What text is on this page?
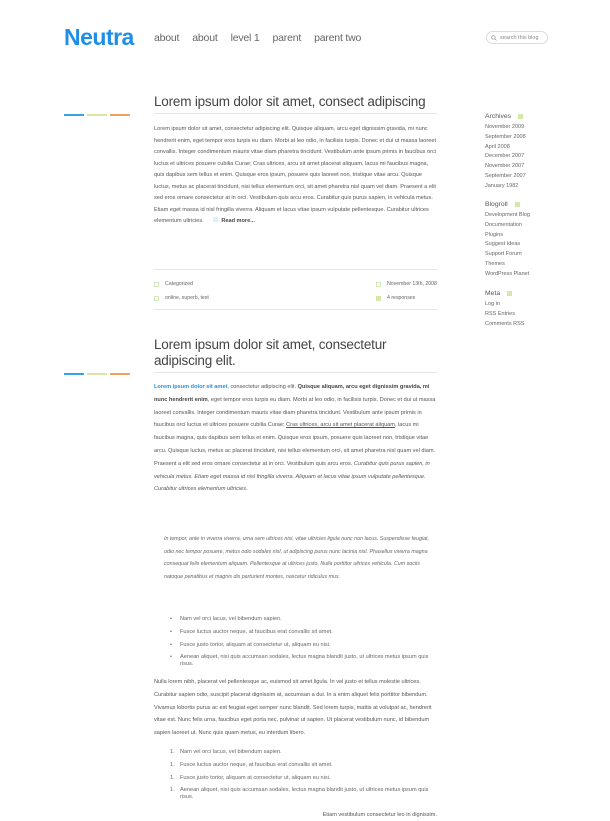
Neutra about about level 1 parent parent two	search this blog
Lorem ipsum dolor sit amet, consect adipiscing
Lorem ipsum dolor sit amet, consectetur adipiscing elit. Quisque aliquam, arcu eget dignissim gravida, mi nunc hendrerit enim, eget tempor eros turpis eu diam. Morbi at leo odio, in facilisis turpis. Donec et dui ut massa laoreet convallis. Integer condimentum mauris vitae diam pharetra tincidunt. Vestibulum ante ipsum primis in faucibus orci luctus et ultrices posuere cubilia Curae; Cras ultrices, arcu sit amet placerat aliquam, lacus mi faucibus magna, quis dapibus sem tellus et enim. Quisque eros ipsum, posuere quis laoreet non, tristique vitae arcu. Quisque luctus, metus ac placerat tincidunt, nisi tellus elementum orci, sit amet pharetra nisl quam vel diam. Praesent a elit sed eros ornare consectetur at in orci. Vestibulum quis arcu eros. Curabitur quis purus sapien, in vehicula metus. Etiam eget massa id nisl fringilla viverra. Aliquam et lacus vitae ipsum vulputate pellentesque. Curabitur ultrices elementum ultricies.	Read more...
Categorized
online, superb, test
November 13th, 2008
4 responses
Lorem ipsum dolor sit amet, consectetur
adipiscing elit.
Lorem ipsum dolor sit amet, consectetur adipiscing elit. Quisque aliquam, arcu eget dignissim gravida, mi nunc hendrerit enim, eget tempor eros turpis eu diam. Morbi at leo odio, in facilisis turpis. Donec et dui ut massa laoreet convallis. Integer condimentum mauris vitae diam pharetra tincidunt. Vestibulum ante ipsum primis in faucibus orci luctus et ultrices posuere cubilia Curae; Cras ultrices, arcu sit amet placerat aliquam, lacus mi faucibus magna, quis dapibus sem tellus et enim. Quisque eros ipsum, posuere quis laoreet non, tristique vitae arcu. Quisque luctus, metus ac placerat tincidunt, nisi tellus elementum orci, sit amet pharetra nisl quam vel diam. Praesent a elit sed eros ornare consectetur at in orci. Vestibulum quis arcu eros. Curabitur quis purus sapien, in vehicula metus. Etiam eget massa id nisl fringilla viverra. Aliquam et lacus vitae ipsum vulputate pellentesque. Curabitur ultrices elementum ultricies.
In tempor, ante in viverra viverra, urna sem ultrices nisi, vitae ultricies ligula nunc non lacus. Suspendisse feugiat, odio nec tempor posuere, metus odio sodales nisl, ut adipiscing purus nunc lacinia nisl. Phasellus viverra magna consequat felis elementum aliquam. Pellentesque at ultrices justo. Nulla porttitor ultrices vehicula. Cum sociis natoque penatibus et magnis dis parturient montes, nascetur ridiculus mus.
•	Nam vel orci lacus, vel bibendum sapien.
•	Fusce luctus auctor neque, at faucibus erat convallis sit amet.
•	Fusce justo tortor, aliquam at consectetur ut, aliquam eu nisi.
•	Aenean aliquet, nisi quis accumsan sodales, lectus magna blandit justo, ut ultrices metus ipsum quis risus.
Nulla lorem nibh, placerat vel pellentesque ac, euismod sit amet ligula. In vel justo et tellus molestie ultrices. Curabitur sapien odio, suscipit placerat dignissim at, accumsan a dui. In a enim aliquet felis porttitor bibendum. Vivamus lobortis purus ac est feugiat eget semper nunc blandit. Sed lorem turpis, mattis at volutpat ac, hendrerit vitae est. Nunc felis urna, faucibus eget porta nec, pulvinar ut sapien. Ut placerat vestibulum nunc, id bibendum sapien laoreet ut. Nunc quis quam metus, eu interdum libero.
1. Nam vel orci lacus, vel bibendum sapien.
1. Fusce luctus auctor neque, at faucibus erat convallis sit amet.
1. Fusce justo tortor, aliquam at consectetur ut, aliquam eu nisi.
1. Aenean aliquet, nisi quis accumsan sodales, lectus magna blandit justo, ut ultrices metus ipsum quis risus.
Etiam vestibulum consectetur leo in dignissim.
Archives
November 2009
September 2008
April 2008
December 2007
November 2007
September 2007
January 1982
Blogroll
Development Blog
Documentation
Plugins
Suggest Ideas
Support Forum
Themes
WordPress Planet
Meta
Log in
RSS Entries
Comments RSS
